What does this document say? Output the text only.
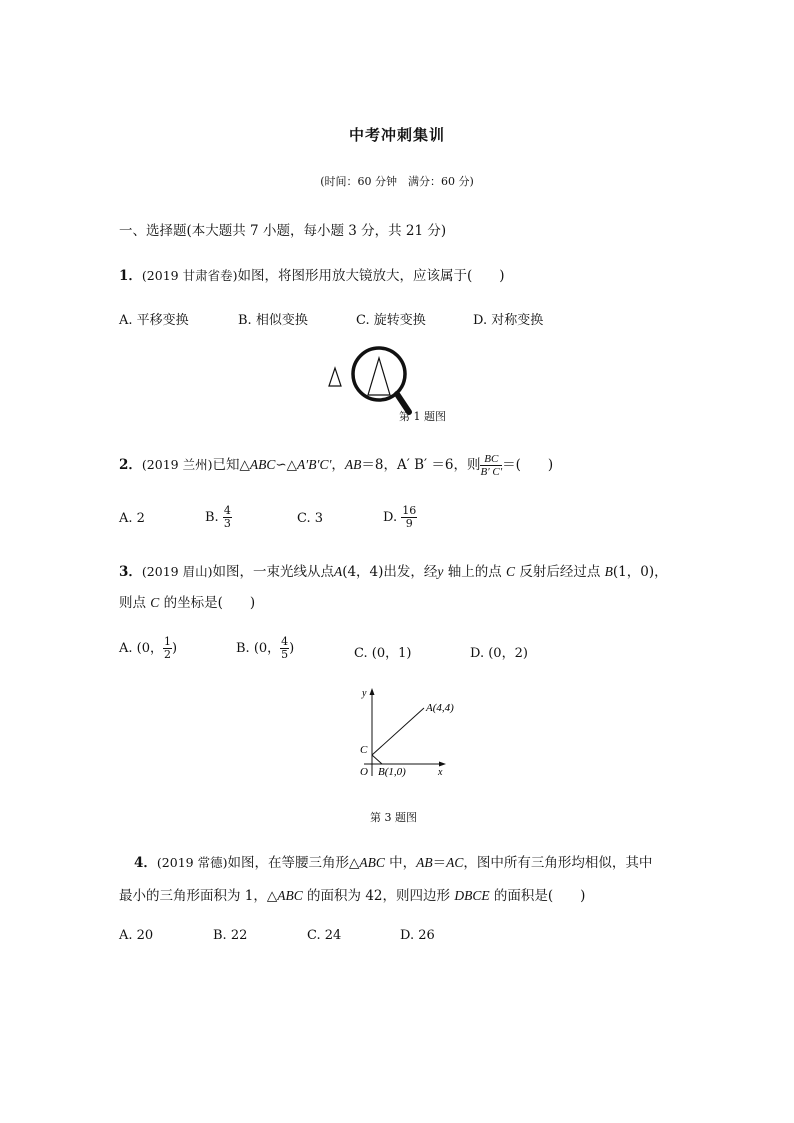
中考冲刺集训
(时间：60 分钟　满分：60 分)
一、选择题(本大题共 7 小题，每小题 3 分，共 21 分)
1．(2019 甘肃省卷)如图，将图形用放大镜放大，应该属于(　　)
A. 平移变换	B. 相似变换	C. 旋转变换	D. 对称变换
第 1 题图
2．(2019 兰州)已知△ABC∽△A′B′C′，AB＝8，A′ B′ ＝6，则 $\frac{BC}{B' C'}$ ＝(　　)
A. 2	B. $\frac{4}{3}$	C. 3	D. $\frac{16}{9}$
3．(2019 眉山)如图，一束光线从点A(4，4)出发，经y 轴上的点 C 反射后经过点 B(1，0)，
则点 C 的坐标是(　　)
A. (0， $\frac{1}{2}$ )	B. (0， $\frac{4}{5}$ )	C. (0，1)	D. (0，2)
y
x
O
C
A(4,4)
B(1,0)
第 3 题图
4．(2019 常德)如图，在等腰三角形△ABC 中，AB＝AC，图中所有三角形均相似，其中
最小的三角形面积为 1，△ABC 的面积为 42，则四边形 DBCE 的面积是(　　)
A. 20	B. 22	C. 24	D. 26
